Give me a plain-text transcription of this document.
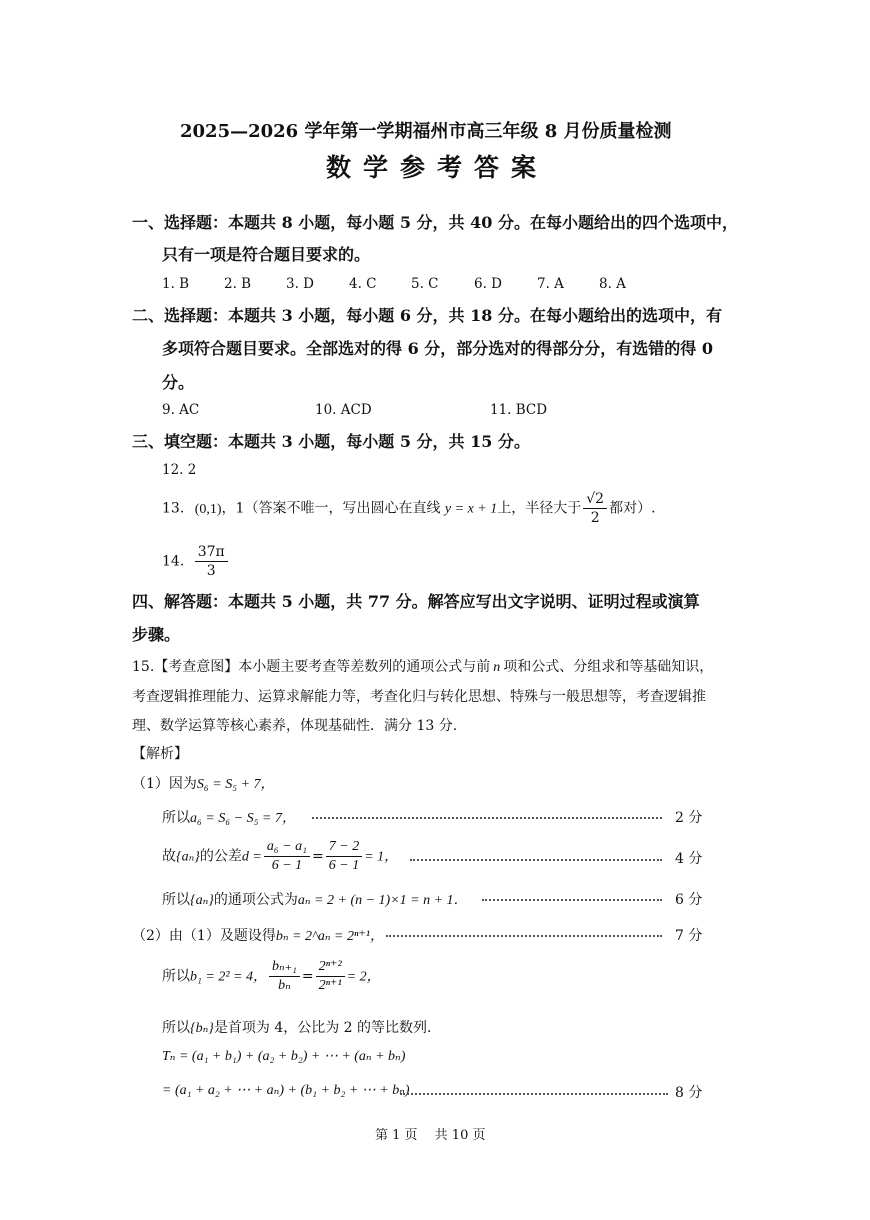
2025—2026 学年第一学期福州市高三年级 8 月份质量检测
数学参考答案
一、选择题：本题共 8 小题，每小题 5 分，共 40 分。在每小题给出的四个选项中，
只有一项是符合题目要求的。
1. B	2. B	3. D	4. C	5. C	6. D	7. A	8. A
二、选择题：本题共 3 小题，每小题 6 分，共 18 分。在每小题给出的选项中，有
多项符合题目要求。全部选对的得 6 分，部分选对的得部分分，有选错的得 0
分。
9. AC	10. ACD	11. BCD
三、填空题：本题共 3 小题，每小题 5 分，共 15 分。
12. 2
13. (0,1)，1（答案不唯一，写出圆心在直线 y = x + 1上，半径大于 $\frac{√2}{2}$ 都对）.
14. $\frac{37\pi}{3}$
四、解答题：本题共 5 小题，共 77 分。解答应写出文字说明、证明过程或演算
步骤。
15.【考查意图】本小题主要考查等差数列的通项公式与前 n 项和公式、分组求和等基础知识，
考查逻辑推理能力、运算求解能力等，考查化归与转化思想、特殊与一般思想等，考查逻辑推
理、数学运算等核心素养，体现基础性．满分 13 分.
【解析】
（1）因为S₆ = S₅ + 7，
所以a₆ = S₆ − S₅ = 7，	2 分
故{aₙ}的公差$d = \frac{\text{a₆ − a₁}}{6 - 1} = \frac{7 - 2}{6 - 1} = 1$，	4 分
所以{aₙ}的通项公式为aₙ = 2 + (n − 1)×1 = n + 1．	6 分
（2）由（1）及题设得bₙ = 2^aₙ = 2ⁿ⁺¹，	7 分
所以b₁ = 2² = 4， $\frac{\text{bₙ₊₁}}{\text{bₙ}} = \frac{\text{2ⁿ⁺²}}{\text{2ⁿ⁺¹}} = 2$，
所以{bₙ}是首项为 4，公比为 2 的等比数列.
Tₙ = (a₁ + b₁) + (a₂ + b₂) + ⋯ + (aₙ + bₙ)
= (a₁ + a₂ + ⋯ + aₙ) + (b₁ + b₂ + ⋯ + bₙ)	8 分
第 1 页　 共 10 页
